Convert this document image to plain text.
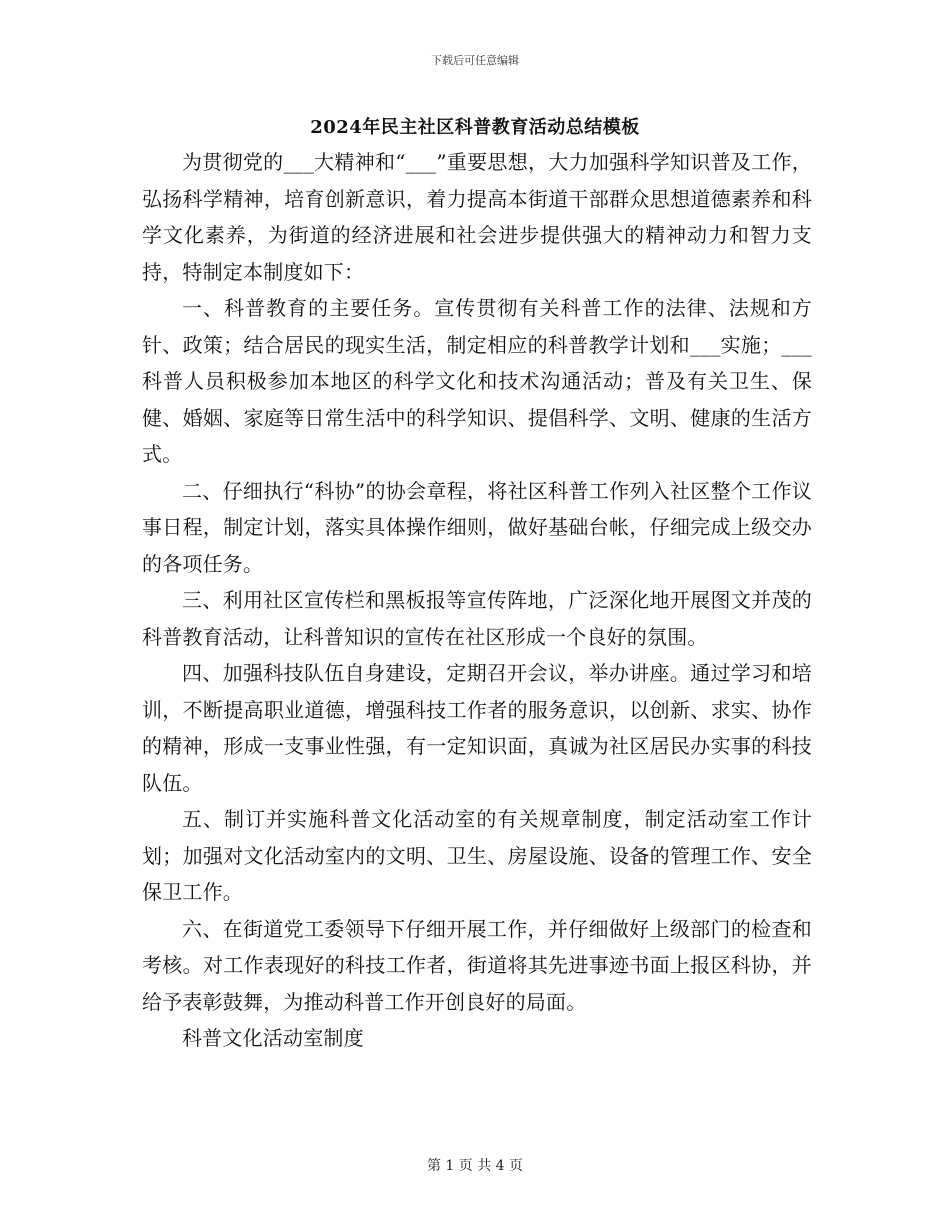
下载后可任意编辑
2024年民主社区科普教育活动总结模板

为贯彻党的___大精神和“___”重要思想，大力加强科学知识普及工作，弘扬科学精神，培育创新意识，着力提高本街道干部群众思想道德素养和科学文化素养，为街道的经济进展和社会进步提供强大的精神动力和智力支持，特制定本制度如下：

一、科普教育的主要任务。宣传贯彻有关科普工作的法律、法规和方针、政策；结合居民的现实生活，制定相应的科普教学计划和___实施；___科普人员积极参加本地区的科学文化和技术沟通活动；普及有关卫生、保健、婚姻、家庭等日常生活中的科学知识、提倡科学、文明、健康的生活方式。

二、仔细执行“科协”的协会章程，将社区科普工作列入社区整个工作议事日程，制定计划，落实具体操作细则，做好基础台帐，仔细完成上级交办的各项任务。

三、利用社区宣传栏和黑板报等宣传阵地，广泛深化地开展图文并茂的科普教育活动，让科普知识的宣传在社区形成一个良好的氛围。

四、加强科技队伍自身建设，定期召开会议，举办讲座。通过学习和培训，不断提高职业道德，增强科技工作者的服务意识，以创新、求实、协作的精神，形成一支事业性强，有一定知识面，真诚为社区居民办实事的科技队伍。

五、制订并实施科普文化活动室的有关规章制度，制定活动室工作计划；加强对文化活动室内的文明、卫生、房屋设施、设备的管理工作、安全保卫工作。

六、在街道党工委领导下仔细开展工作，并仔细做好上级部门的检查和考核。对工作表现好的科技工作者，街道将其先进事迹书面上报区科协，并给予表彰鼓舞，为推动科普工作开创良好的局面。

科普文化活动室制度

第 1 页 共 4 页
